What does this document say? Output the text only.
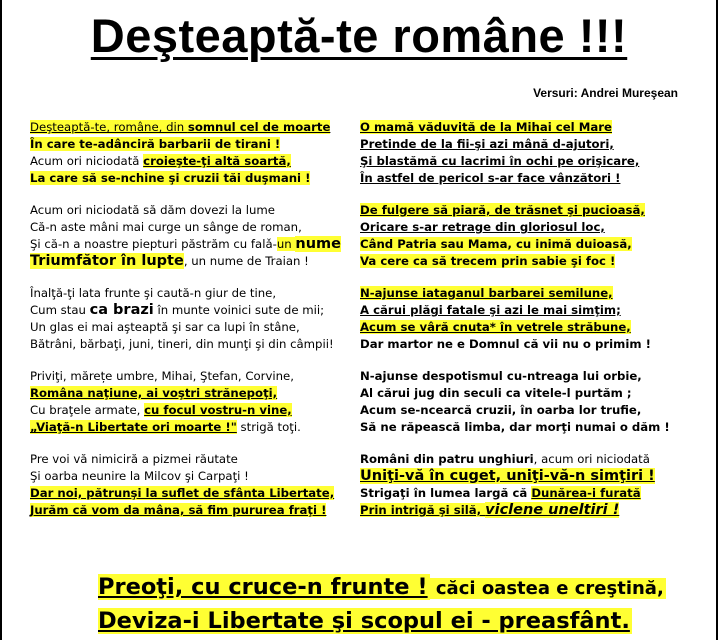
Deşteaptă-te române !!!
Versuri: Andrei Mureşean
Deşteaptă-te, române, din somnul cel de moarte
În care te-adânciră barbarii de tirani !
Acum ori niciodată croieşte-ţi altă soartă,
La care să se-nchine şi cruzii tăi duşmani !
Acum ori niciodată să dăm dovezi la lume
Că-n aste mâni mai curge un sânge de roman,
Şi că-n a noastre piepturi păstrăm cu falǎ-un nume
Triumfător în lupte, un nume de Traian !
Înalţă-ţi lata frunte şi caută-n giur de tine,
Cum stau ca brazi în munte voinici sute de mii;
Un glas ei mai aşteaptă şi sar ca lupi în stâne,
Bătrâni, bărbaţi, juni, tineri, din munţi şi din câmpii!
Priviţi, mărețe umbre, Mihai, Ştefan, Corvine,
Româna naţiune, ai voştri strănepoţi,
Cu braţele armate, cu focul vostru-n vine,
„Viaţă-n Libertate ori moarte !" strigă toţi.
Pre voi vă nimiciră a pizmei răutate
Şi oarba neunire la Milcov şi Carpaţi !
Dar noi, pătrunşi la suflet de sfânta Libertate,
Jurăm că vom da mâna, să fim pururea fraţi !
O mamă văduvită de la Mihai cel Mare
Pretinde de la fii-şi azi mână d-ajutori,
Şi blastămă cu lacrimi în ochi pe orişicare,
În astfel de pericol s-ar face vânzători !
De fulgere să piară, de trăsnet şi pucioasă,
Oricare s-ar retrage din gloriosul loc,
Când Patria sau Mama, cu inimă duioasă,
Va cere ca să trecem prin sabie şi foc !
N-ajunse iataganul barbarei semilune,
A cărui plăgi fatale şi azi le mai simţim;
Acum se vâră cnuta* în vetrele străbune,
Dar martor ne e Domnul că vii nu o primim !
N-ajunse despotismul cu-ntreaga lui orbie,
Al cărui jug din seculi ca vitele-l purtăm ;
Acum se-ncearcă cruzii, în oarba lor trufie,
Să ne răpească limba, dar morţi numai o dăm !
Români din patru unghiuri, acum ori niciodată
Uniţi-vă în cuget, uniţi-vă-n simţiri !
Strigaţi în lumea largă că Dunărea-i furată
Prin intrigă şi silă, viclene uneltiri !
Preoţi, cu cruce-n frunte ! căci oastea e creştină,
Deviza-i Libertate şi scopul ei - preasfânt.
